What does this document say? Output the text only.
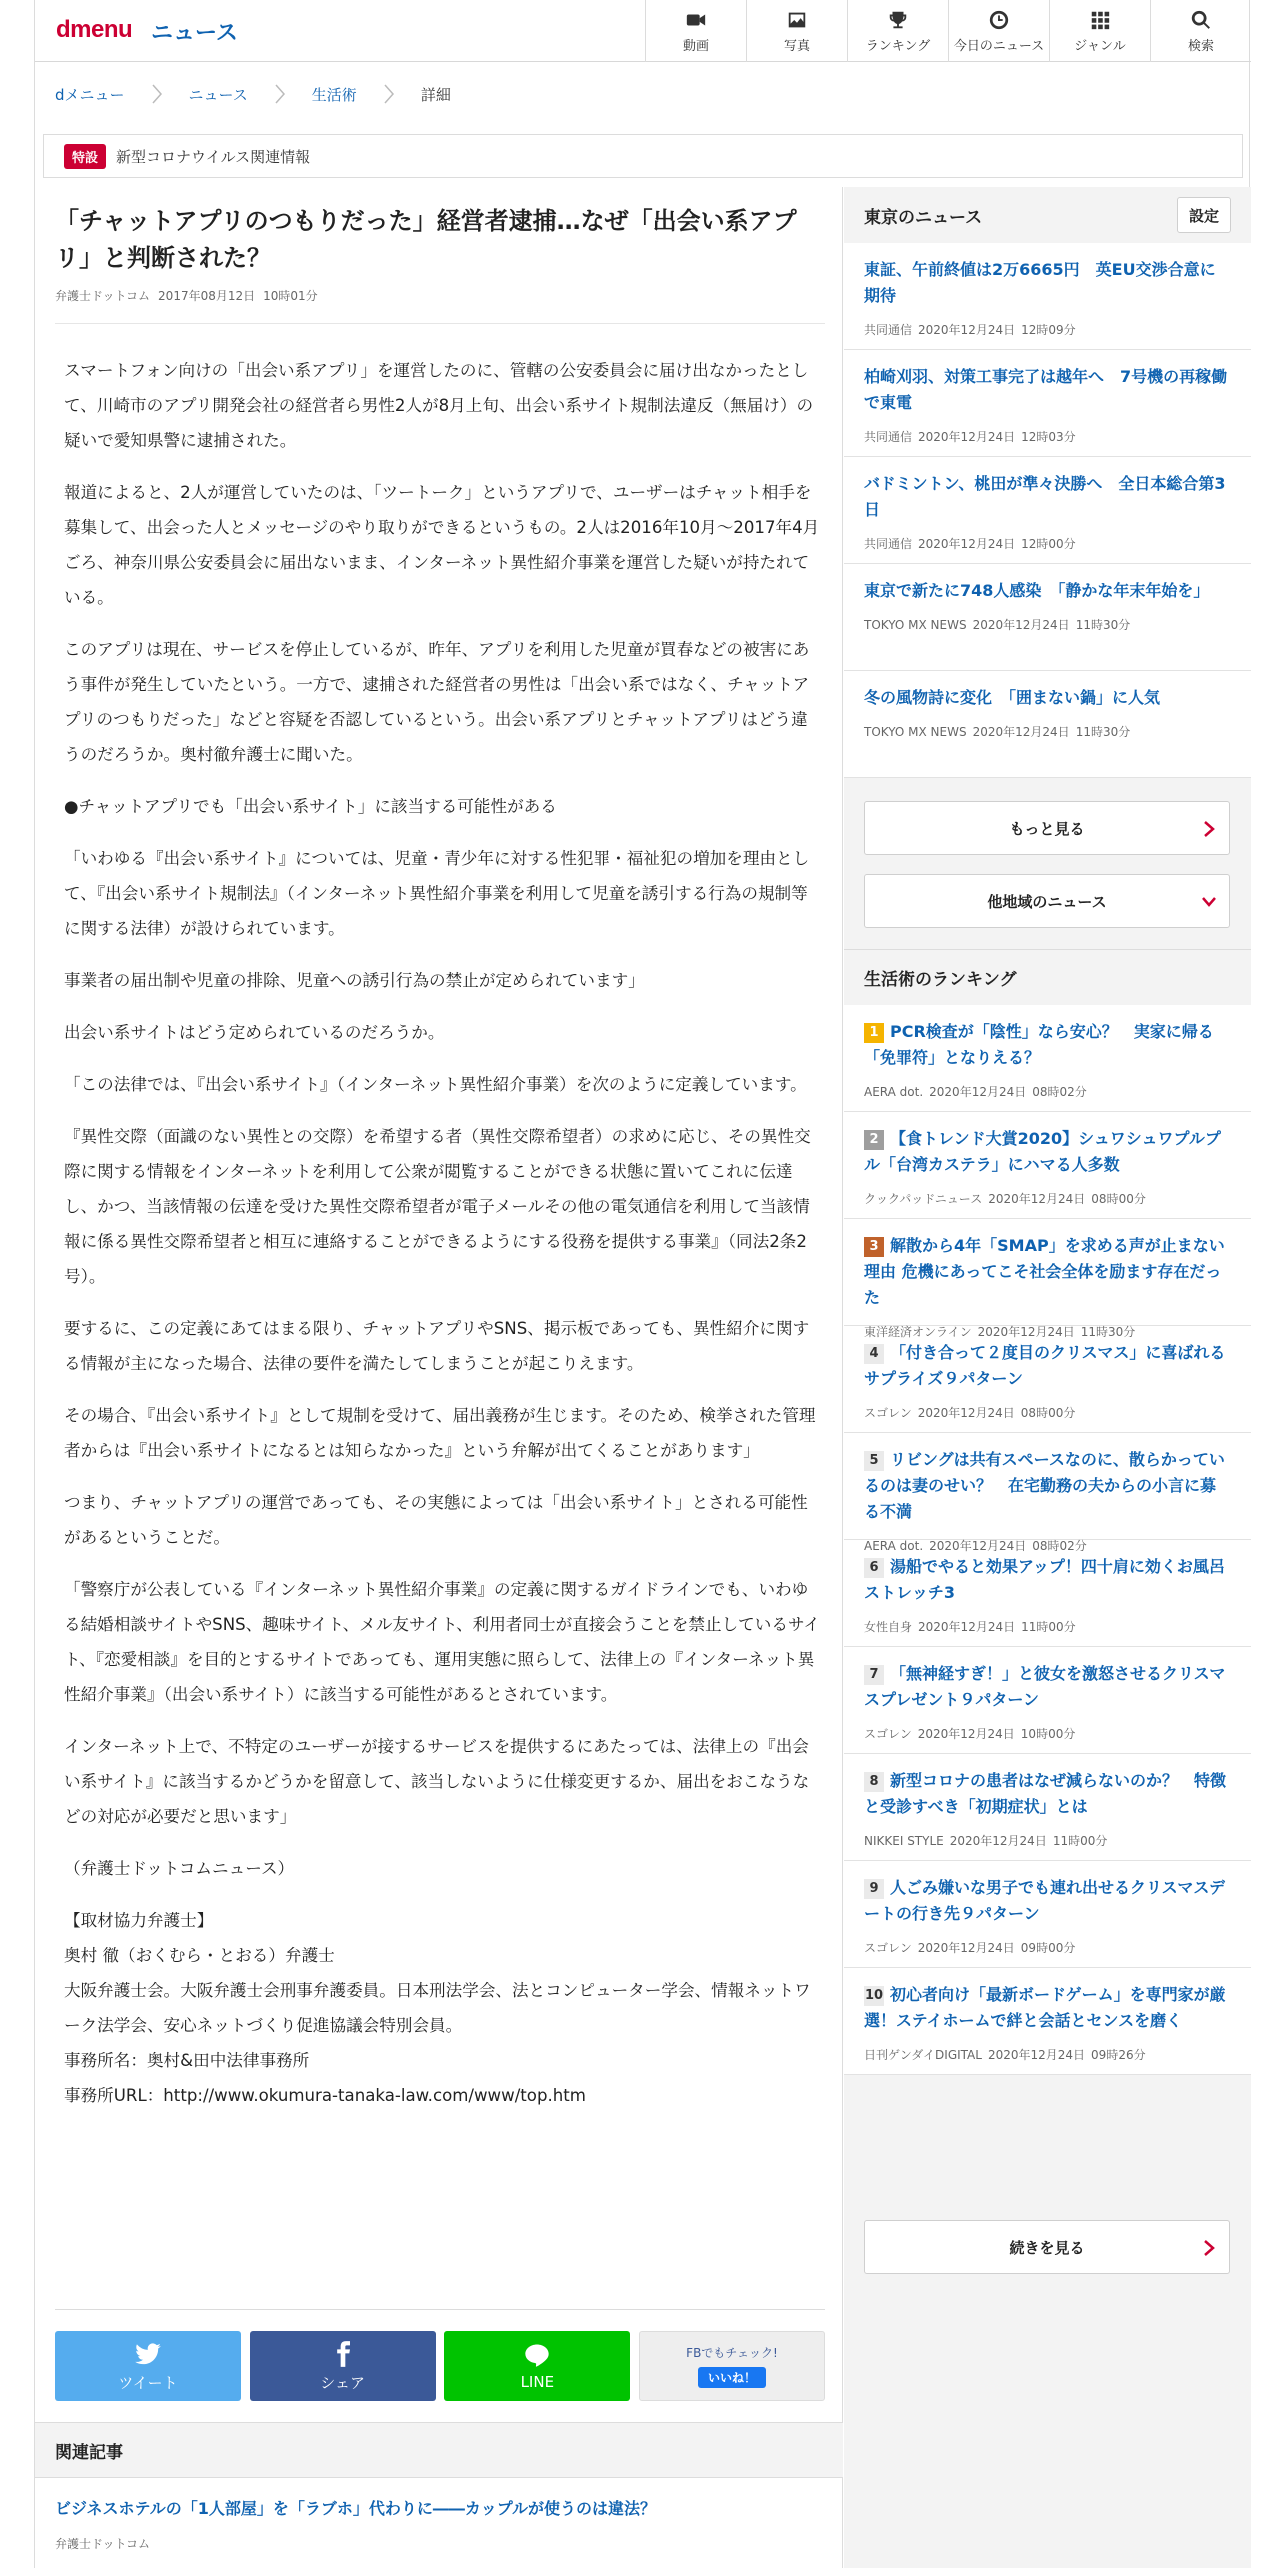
dmenu ニュース	動画	写真	ランキング 今日のニュース ジャンル	検索
dメニュー	ニュース	生活術	詳細
特設	新型コロナウイルス関連情報
「チャットアプリのつもりだった」経営者逮捕…なぜ「出会い系アプリ」と判断された？
弁護士ドットコム 2017年08月12日 10時01分

スマートフォン向けの「出会い系アプリ」を運営したのに、管轄の公安委員会に届け出なかったとして、川崎市のアプリ開発会社の経営者ら男性2人が8月上旬、出会い系サイト規制法違反（無届け）の疑いで愛知県警に逮捕された。

報道によると、2人が運営していたのは、「ツートーク」というアプリで、ユーザーはチャット相手を募集して、出会った人とメッセージのやり取りができるというもの。2人は2016年10月〜2017年4月ごろ、神奈川県公安委員会に届出ないまま、インターネット異性紹介事業を運営した疑いが持たれている。

このアプリは現在、サービスを停止しているが、昨年、アプリを利用した児童が買春などの被害にあう事件が発生していたという。一方で、逮捕された経営者の男性は「出会い系ではなく、チャットアプリのつもりだった」などと容疑を否認しているという。出会い系アプリとチャットアプリはどう違うのだろうか。奥村徹弁護士に聞いた。

●チャットアプリでも「出会い系サイト」に該当する可能性がある

「いわゆる『出会い系サイト』については、児童・青少年に対する性犯罪・福祉犯の増加を理由として、『出会い系サイト規制法』（インターネット異性紹介事業を利用して児童を誘引する行為の規制等に関する法律）が設けられています。

事業者の届出制や児童の排除、児童への誘引行為の禁止が定められています」

出会い系サイトはどう定められているのだろうか。

「この法律では、『出会い系サイト』（インターネット異性紹介事業）を次のように定義しています。

『異性交際（面識のない異性との交際）を希望する者（異性交際希望者）の求めに応じ、その異性交際に関する情報をインターネットを利用して公衆が閲覧することができる状態に置いてこれに伝達し、かつ、当該情報の伝達を受けた異性交際希望者が電子メールその他の電気通信を利用して当該情報に係る異性交際希望者と相互に連絡することができるようにする役務を提供する事業』（同法2条2号）。

要するに、この定義にあてはまる限り、チャットアプリやSNS、掲示板であっても、異性紹介に関する情報が主になった場合、法律の要件を満たしてしまうことが起こりえます。

その場合、『出会い系サイト』として規制を受けて、届出義務が生じます。そのため、検挙された管理者からは『出会い系サイトになるとは知らなかった』という弁解が出てくることがあります」

つまり、チャットアプリの運営であっても、その実態によっては「出会い系サイト」とされる可能性があるということだ。

「警察庁が公表している『インターネット異性紹介事業』の定義に関するガイドラインでも、いわゆる結婚相談サイトやSNS、趣味サイト、メル友サイト、利用者同士が直接会うことを禁止しているサイト、『恋愛相談』を目的とするサイトであっても、運用実態に照らして、法律上の『インターネット異性紹介事業』（出会い系サイト）に該当する可能性があるとされています。

インターネット上で、不特定のユーザーが接するサービスを提供するにあたっては、法律上の『出会い系サイト』に該当するかどうかを留意して、該当しないように仕様変更するか、届出をおこなうなどの対応が必要だと思います」

（弁護士ドットコムニュース）

【取材協力弁護士】
奥村 徹（おくむら・とおる）弁護士
大阪弁護士会。大阪弁護士会刑事弁護委員。日本刑法学会、法とコンピューター学会、情報ネットワーク法学会、安心ネットづくり促進協議会特別会員。
事務所名：奥村&田中法律事務所
事務所URL：http://www.okumura-tanaka-law.com/www/top.htm
ツイート	シェア	LINE
FBでもチェック!
いいね！
関連記事
ビジネスホテルの「1人部屋」を「ラブホ」代わりに――カップルが使うのは違法？
弁護士ドットコム
東京のニュース	設定
東証、午前終値は2万6665円　英EU交渉合意に期待
共同通信 2020年12月24日 12時09分
柏崎刈羽、対策工事完了は越年へ　7号機の再稼働で東電
共同通信 2020年12月24日 12時03分
バドミントン、桃田が準々決勝へ　全日本総合第3日
共同通信 2020年12月24日 12時00分
東京で新たに748人感染　「静かな年末年始を」
TOKYO MX NEWS 2020年12月24日 11時30分
冬の風物詩に変化　「囲まない鍋」に人気
TOKYO MX NEWS 2020年12月24日 11時30分
もっと見る
他地域のニュース
生活術のランキング
1 PCR検査が「陰性」なら安心？　実家に帰る「免罪符」となりえる？
AERA dot. 2020年12月24日 08時02分
2 【食トレンド大賞2020】シュワシュワプルプル「台湾カステラ」にハマる人多数
クックパッドニュース 2020年12月24日 08時00分
3 解散から4年「SMAP」を求める声が止まない理由 危機にあってこそ社会全体を励ます存在だった
東洋経済オンライン 2020年12月24日 11時30分
4 「付き合って２度目のクリスマス」に喜ばれるサプライズ９パターン
スゴレン 2020年12月24日 08時00分
5 リビングは共有スペースなのに、散らかっているのは妻のせい？　在宅勤務の夫からの小言に募る不満
AERA dot. 2020年12月24日 08時02分
6 湯船でやると効果アップ！四十肩に効くお風呂ストレッチ3
女性自身 2020年12月24日 11時00分
7 「無神経すぎ！」と彼女を激怒させるクリスマスプレゼント９パターン
スゴレン 2020年12月24日 10時00分
8 新型コロナの患者はなぜ減らないのか？　特徴と受診すべき「初期症状」とは
NIKKEI STYLE 2020年12月24日 11時00分
9 人ごみ嫌いな男子でも連れ出せるクリスマスデートの行き先９パターン
スゴレン 2020年12月24日 09時00分
10 初心者向け「最新ボードゲーム」を専門家が厳選！ステイホームで絆と会話とセンスを磨く
日刊ゲンダイDIGITAL 2020年12月24日 09時26分
続きを見る
